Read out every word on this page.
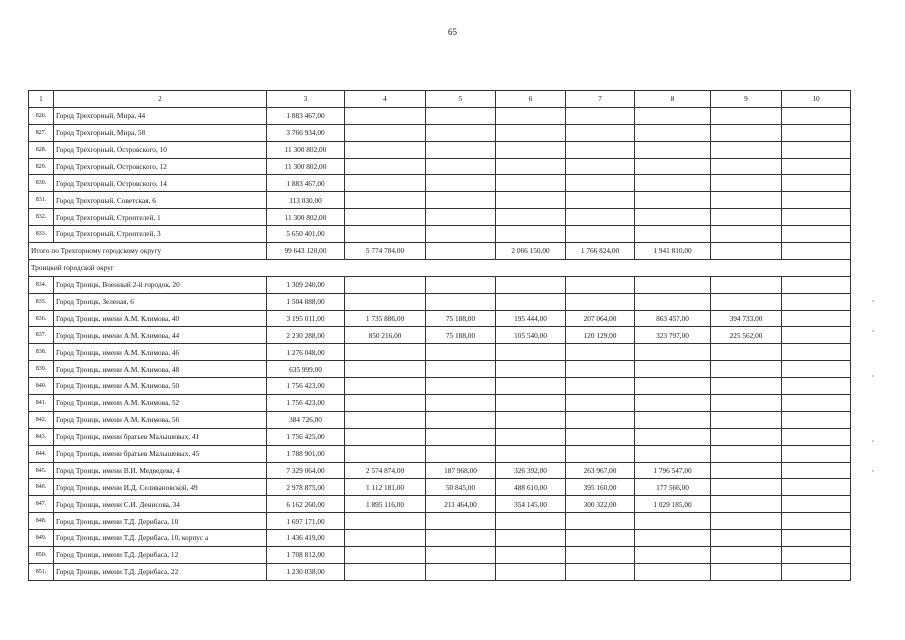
65
1	2	3	4	5	6	7	8	9	10
826.	Город Трехгорный, Мира, 44	1 883 467,00							
827.	Город Трехгорный, Мира, 58	3 766 934,00							
828.	Город Трехгорный, Островского, 10	11 300 802,00							
829.	Город Трехгорный, Островского, 12	11 300 802,00							
830.	Город Трехгорный, Островского, 14	1 883 467,00							
831.	Город Трехгорный, Советская, 6	113 030,00							
832.	Город Трехгорный, Строителей, 1	11 300 802,00							
833.	Город Трехгорный, Строителей, 3	5 650 401,00							
Итого по Трехгорному городскому округу		99 643 120,00	5 774 784,00		2 066 150,00	1 766 824,00	1 941 810,00		
Троицкий городской округ									
834.	Город Троицк, Военный 2-й городок, 20	1 309 240,00							
835.	Город Троицк, Зеленая, 6	1 504 888,00							
836.	Город Троицк, имени А.М. Климова, 40	3 195 011,00	1 735 886,00	75 188,00	195 444,00	207 064,00	863 457,00	394 733,00	
837.	Город Троицк, имени А.М. Климова, 44	2 230 288,00	850 216,00	75 188,00	105 540,00	120 129,00	323 797,00	225 562,00	
838.	Город Троицк, имени А.М. Климова, 46	1 276 048,00							
839.	Город Троицк, имени А.М. Климова, 48	635 999,00							
840.	Город Троицк, имени А.М. Климова, 50	1 756 423,00							
841.	Город Троицк, имени А.М. Климова, 52	1 756 423,00							
842.	Город Троицк, имени А.М. Климова, 56	384 726,00							
843.	Город Троицк, имени братьев Малышевых, 41	1 756 425,00							
844.	Город Троицк, имени братьев Малышевых, 45	1 788 901,00							
845.	Город Троицк, имени В.И. Медведева, 4	7 329 064,00	2 574 874,00	187 968,00	326 392,00	263 967,00	1 796 547,00		
846.	Город Троицк, имени И.Д. Селивановской, 49	2 978 875,00	1 112 181,00	50 845,00	488 610,00	395 160,00	177 566,00		
847.	Город Троицк, имени С.И. Денисова, 34	6 162 260,00	1 895 116,00	211 464,00	354 145,00	300 322,00	1 029 185,00		
848.	Город Троицк, имени Т.Д. Дерибаса, 10	1 697 171,00							
849.	Город Троицк, имени Т.Д. Дерибаса, 10, корпус а	1 436 419,00							
850.	Город Троицк, имени Т.Д. Дерибаса, 12	1 708 812,00							
851.	Город Троицк, имени Т.Д. Дерибаса, 22	1 230 038,00							
